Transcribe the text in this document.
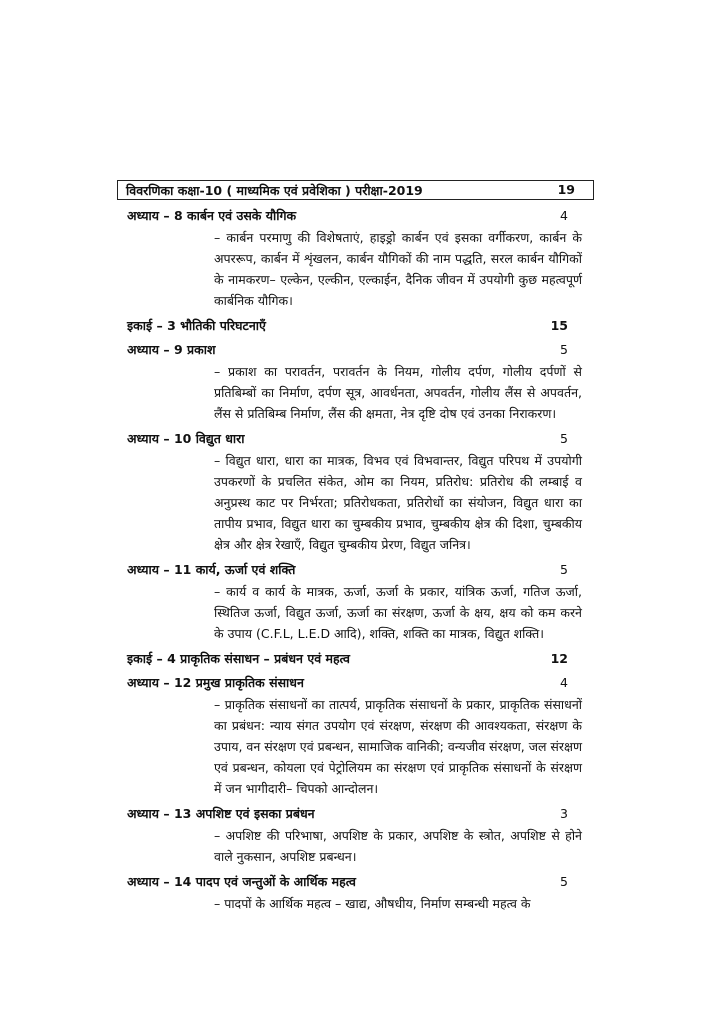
विवरणिका कक्षा-10 ( माध्यमिक एवं प्रवेशिका ) परीक्षा-2019	19
अध्याय – 8 कार्बन एवं उसके यौगिक	4
– कार्बन परमाणु की विशेषताएं, हाइड्रो कार्बन एवं इसका वर्गीकरण, कार्बन के अपररूप, कार्बन में शृंखलन, कार्बन यौगिकों की नाम पद्धति, सरल कार्बन यौगिकों के नामकरण– एल्केन, एल्कीन, एल्काईन, दैनिक जीवन में उपयोगी कुछ महत्वपूर्ण कार्बनिक यौगिक।
इकाई – 3 भौतिकी परिघटनाएँ	15
अध्याय – 9 प्रकाश	5
– प्रकाश का परावर्तन, परावर्तन के नियम, गोलीय दर्पण, गोलीय दर्पणों से प्रतिबिम्बों का निर्माण, दर्पण सूत्र, आवर्धनता, अपवर्तन, गोलीय लैंस से अपवर्तन, लैंस से प्रतिबिम्ब निर्माण, लैंस की क्षमता, नेत्र दृष्टि दोष एवं उनका निराकरण।
अध्याय – 10 विद्युत धारा	5
– विद्युत धारा, धारा का मात्रक, विभव एवं विभवान्तर, विद्युत परिपथ में उपयोगी उपकरणों के प्रचलित संकेत, ओम का नियम, प्रतिरोध: प्रतिरोध की लम्बाई व अनुप्रस्थ काट पर निर्भरता; प्रतिरोधकता, प्रतिरोधों का संयोजन, विद्युत धारा का तापीय प्रभाव, विद्युत धारा का चुम्बकीय प्रभाव, चुम्बकीय क्षेत्र की दिशा, चुम्बकीय क्षेत्र और क्षेत्र रेखाएँ, विद्युत चुम्बकीय प्रेरण, विद्युत जनित्र।
अध्याय – 11 कार्य, ऊर्जा एवं शक्ति	5
– कार्य व कार्य के मात्रक, ऊर्जा, ऊर्जा के प्रकार, यांत्रिक ऊर्जा, गतिज ऊर्जा, स्थितिज ऊर्जा, विद्युत ऊर्जा, ऊर्जा का संरक्षण, ऊर्जा के क्षय, क्षय को कम करने के उपाय (C.F.L, L.E.D आदि), शक्ति, शक्ति का मात्रक, विद्युत शक्ति।
इकाई – 4 प्राकृतिक संसाधन – प्रबंधन एवं महत्व	12
अध्याय – 12 प्रमुख प्राकृतिक संसाधन	4
– प्राकृतिक संसाधनों का तात्पर्य, प्राकृतिक संसाधनों के प्रकार, प्राकृतिक संसाधनों का प्रबंधन: न्याय संगत उपयोग एवं संरक्षण, संरक्षण की आवश्यकता, संरक्षण के उपाय, वन संरक्षण एवं प्रबन्धन, सामाजिक वानिकी; वन्यजीव संरक्षण, जल संरक्षण एवं प्रबन्धन, कोयला एवं पेट्रोलियम का संरक्षण एवं प्राकृतिक संसाधनों के संरक्षण में जन भागीदारी– चिपको आन्दोलन।
अध्याय – 13 अपशिष्ट एवं इसका प्रबंधन	3
– अपशिष्ट की परिभाषा, अपशिष्ट के प्रकार, अपशिष्ट के स्त्रोत, अपशिष्ट से होने वाले नुकसान, अपशिष्ट प्रबन्धन।
अध्याय – 14 पादप एवं जन्तुओं के आर्थिक महत्व	5
– पादपों के आर्थिक महत्व – खाद्य, औषधीय, निर्माण सम्बन्धी महत्व के
